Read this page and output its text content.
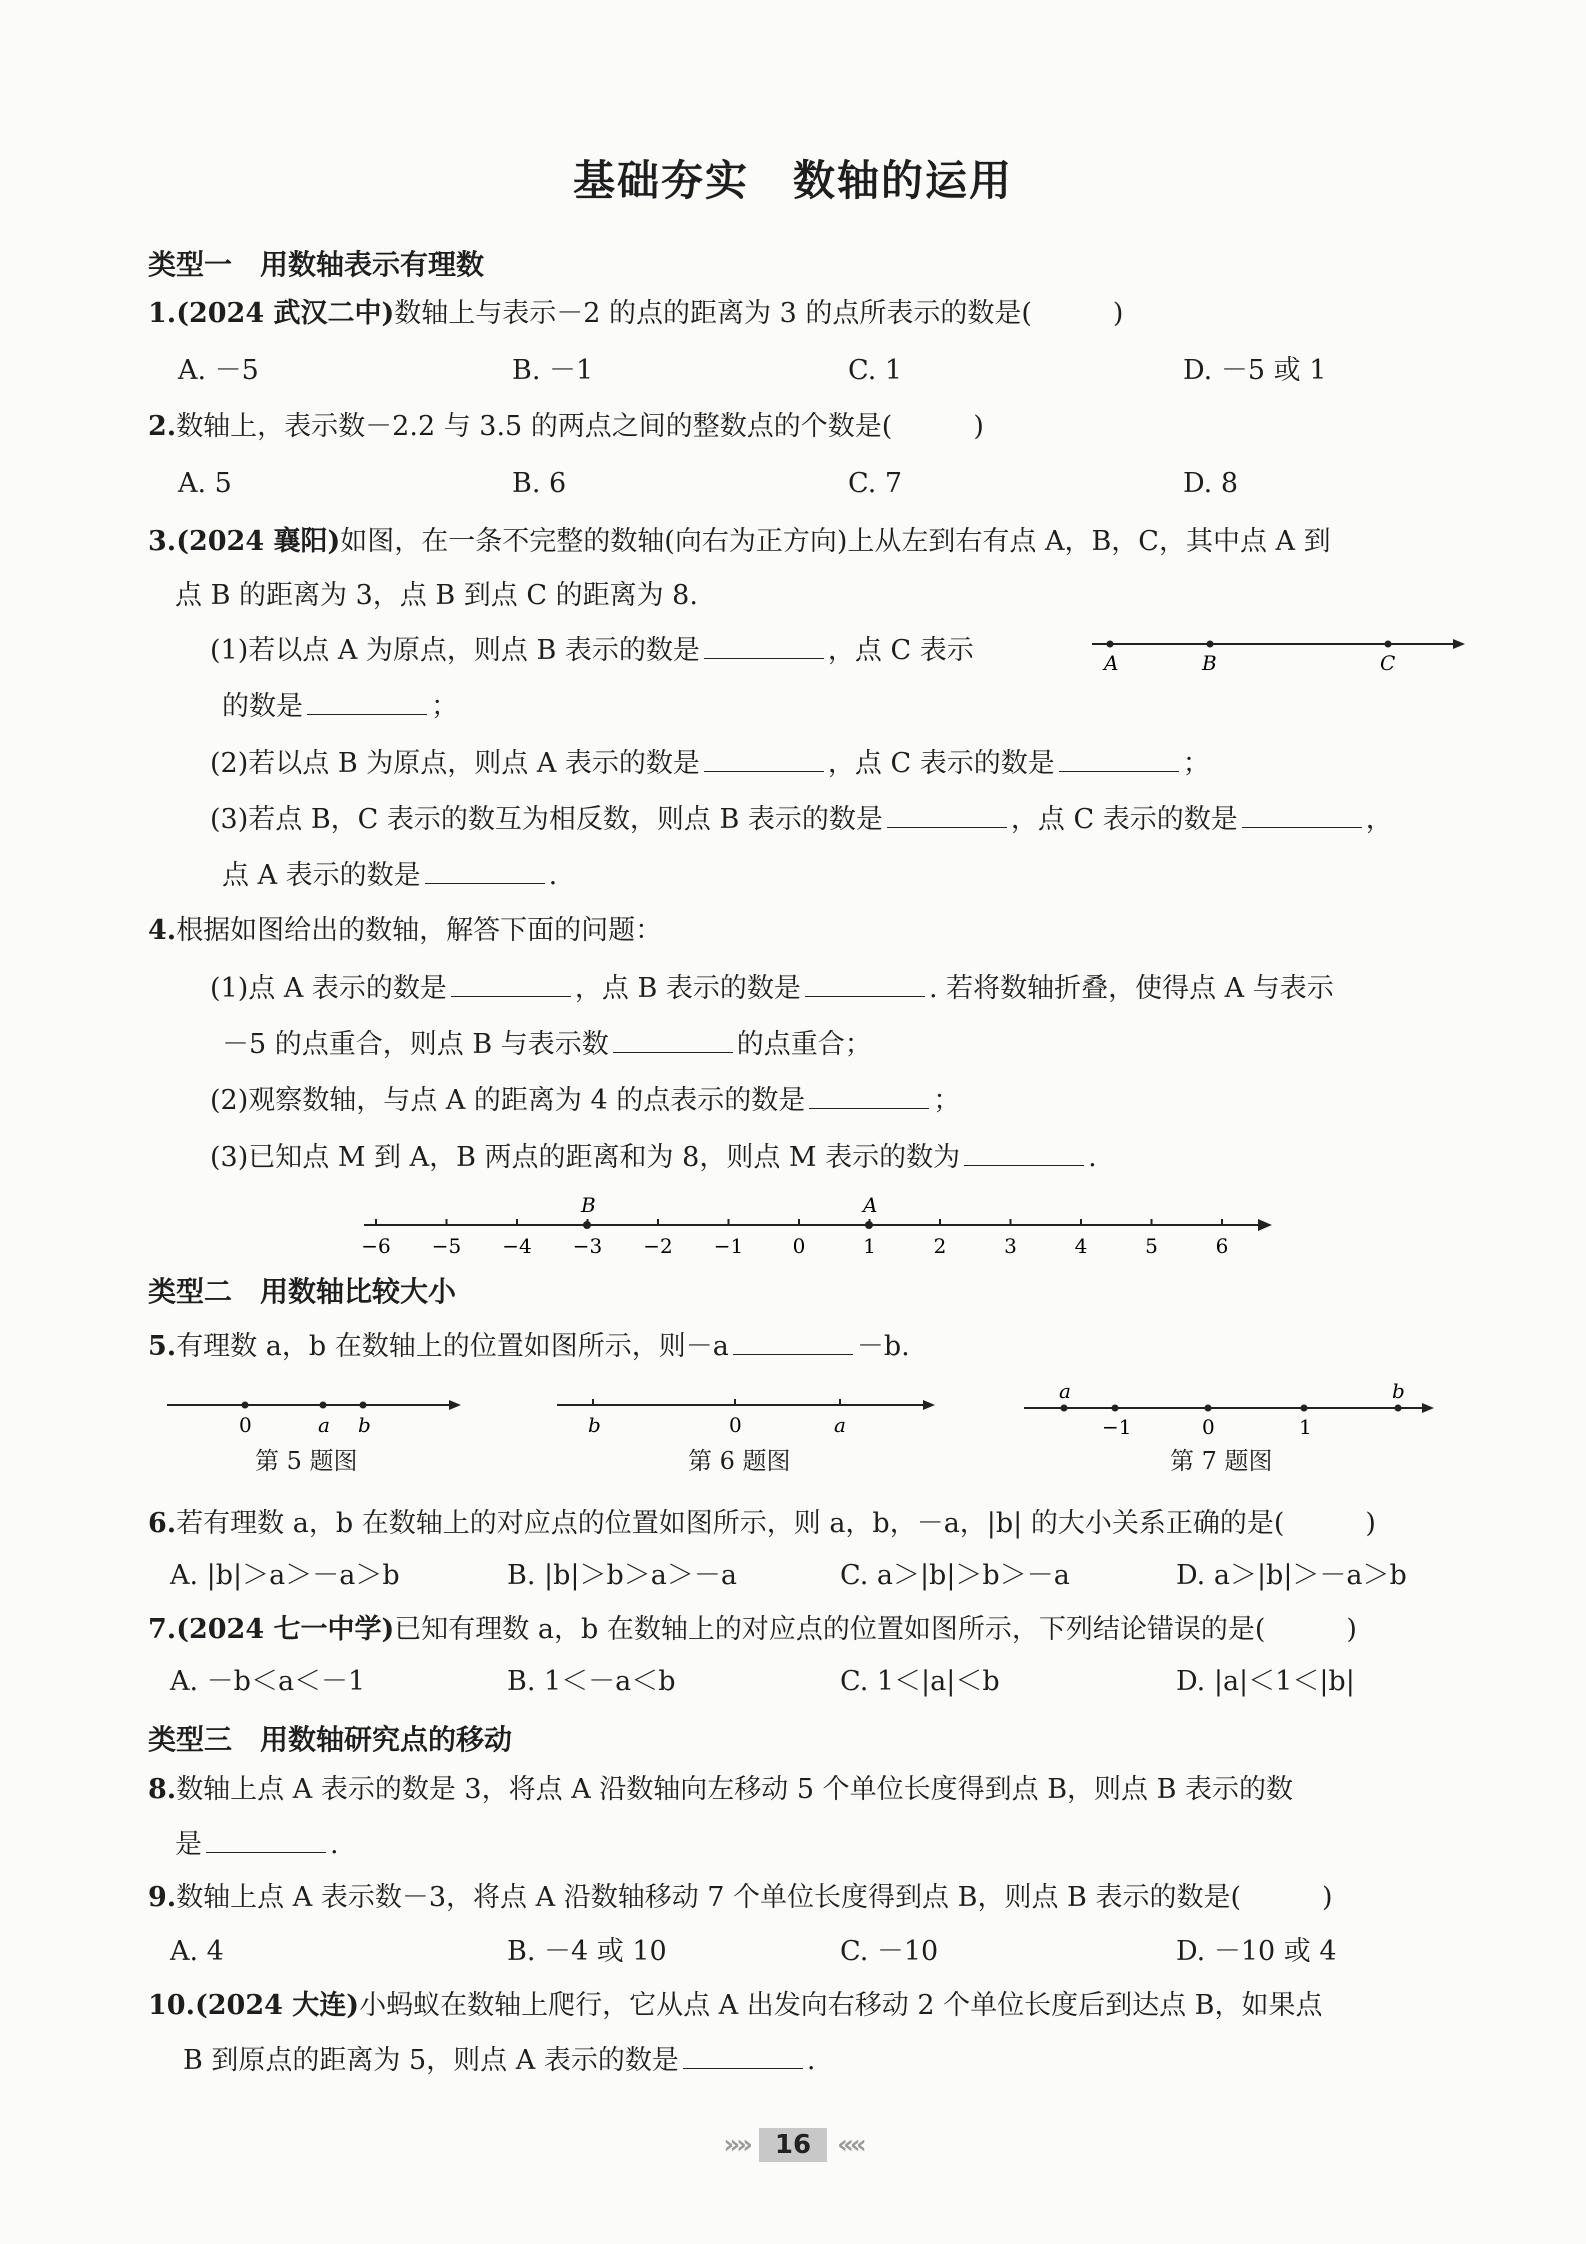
基础夯实　数轴的运用
类型一　用数轴表示有理数
1.(2024 武汉二中)数轴上与表示－2 的点的距离为 3 的点所表示的数是(　　　)
A. －5	B. －1	C. 1	D. －5 或 1
2.数轴上，表示数－2.2 与 3.5 的两点之间的整数点的个数是(　　　)
A. 5	B. 6	C. 7	D. 8
3.(2024 襄阳)如图，在一条不完整的数轴(向右为正方向)上从左到右有点 A，B，C，其中点 A 到
点 B 的距离为 3，点 B 到点 C 的距离为 8.
(1)若以点 A 为原点，则点 B 表示的数是	，点 C 表示
的数是	；
A	B	C
(2)若以点 B 为原点，则点 A 表示的数是	，点 C 表示的数是	；
(3)若点 B，C 表示的数互为相反数，则点 B 表示的数是	，点 C 表示的数是	，
点 A 表示的数是	.
4.根据如图给出的数轴，解答下面的问题：
(1)点 A 表示的数是	，点 B 表示的数是	. 若将数轴折叠，使得点 A 与表示
－5 的点重合，则点 B 与表示数	的点重合；
(2)观察数轴，与点 A 的距离为 4 的点表示的数是	；
(3)已知点 M 到 A，B 两点的距离和为 8，则点 M 表示的数为	.
−6 −5 −4 −3 −2 −1 0	1	2	3	4	5	6
B	A
类型二　用数轴比较大小
5.有理数 a，b 在数轴上的位置如图所示，则－a	－b.
0	a b
第 5 题图
b	0	a
第 6 题图
a
−1	0	1
b
第 7 题图
6.若有理数 a，b 在数轴上的对应点的位置如图所示，则 a，b，－a，|b| 的大小关系正确的是(　　　)
A. |b|＞a＞－a＞b	B. |b|＞b＞a＞－a	C. a＞|b|＞b＞－a	D. a＞|b|＞－a＞b
7.(2024 七一中学)已知有理数 a，b 在数轴上的对应点的位置如图所示，下列结论错误的是(　　　)
A. －b＜a＜－1	B. 1＜－a＜b	C. 1＜|a|＜b	D. |a|＜1＜|b|
类型三　用数轴研究点的移动
8.数轴上点 A 表示的数是 3，将点 A 沿数轴向左移动 5 个单位长度得到点 B，则点 B 表示的数
是	.
9.数轴上点 A 表示数－3，将点 A 沿数轴移动 7 个单位长度得到点 B，则点 B 表示的数是(　　　)
A. 4	B. －4 或 10	C. －10	D. －10 或 4
10.(2024 大连)小蚂蚁在数轴上爬行，它从点 A 出发向右移动 2 个单位长度后到达点 B，如果点
B 到原点的距离为 5，则点 A 表示的数是	.
»» 16 ««
